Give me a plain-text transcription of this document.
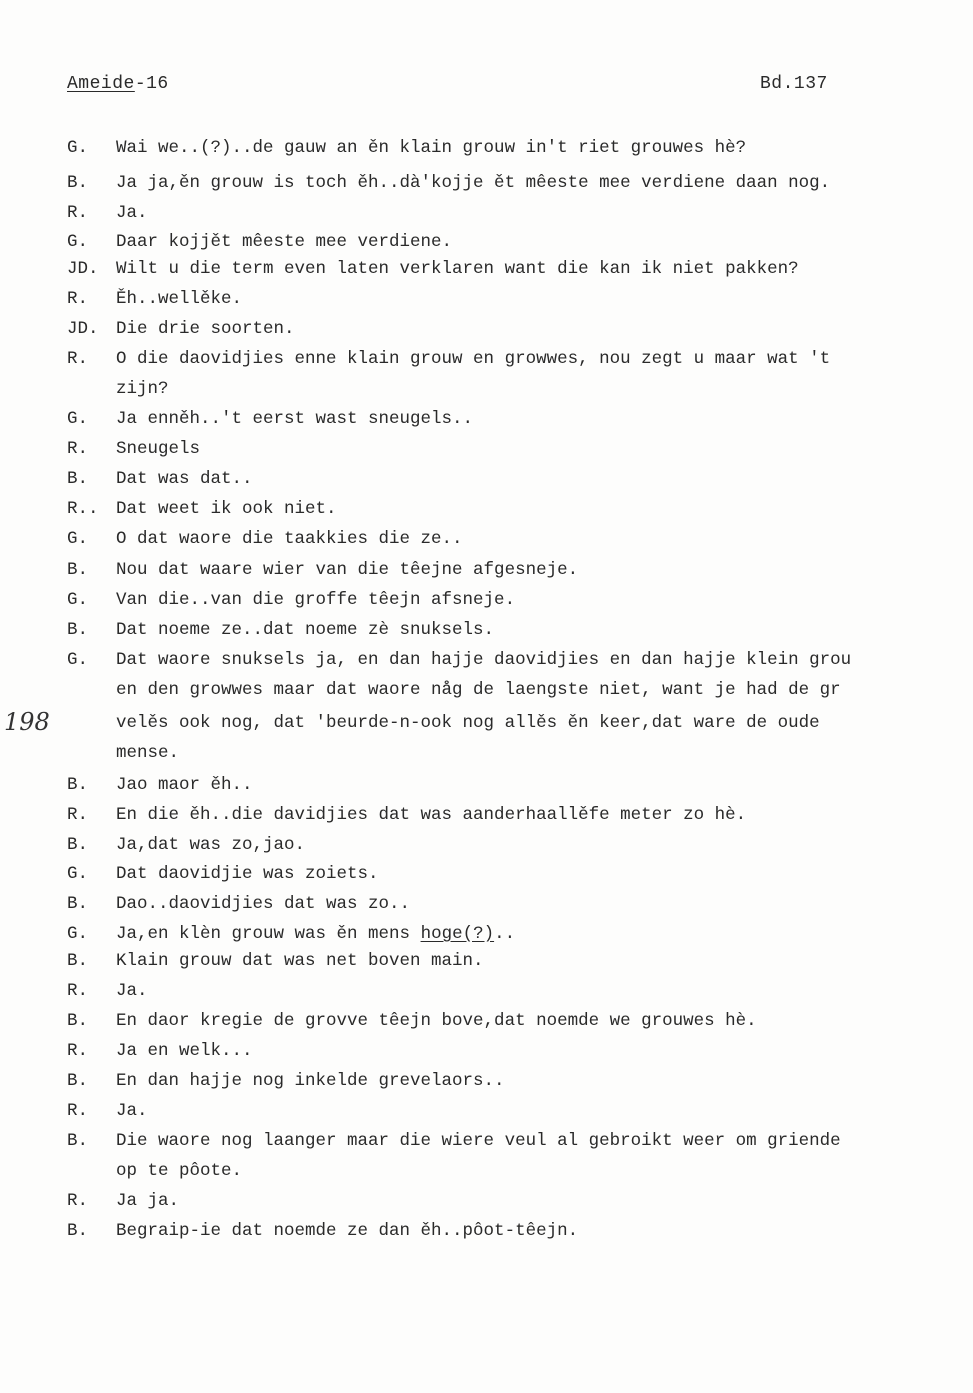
Ameide-16	Bd.137
198
G.	Wai we..(?)..de gauw an ěn klain grouw in't riet grouwes hè?
B.	Ja ja,ěn grouw is toch ěh..dà'kojje ět mêeste mee verdiene daan nog.
R.	Ja.
G.	Daar kojjět mêeste mee verdiene.
JD. Wilt u die term even laten verklaren want die kan ik niet pakken?
R.	Ěh..wellěke.
JD. Die drie soorten.
R.	O die daovidjies enne klain grouw en growwes, nou zegt u maar wat 't
zijn?
G.	Ja enněh..'t eerst wast sneugels..
R.	Sneugels
B.	Dat was dat..
R.. Dat weet ik ook niet.
G.	O dat waore die taakkies die ze..
B.	Nou dat waare wier van die têejne afgesneje.
G.	Van die..van die groffe têejn afsneje.
B.	Dat noeme ze..dat noeme zè snuksels.
G.	Dat waore snuksels ja, en dan hajje daovidjies en dan hajje klein grou
en den growwes maar dat waore någ de laengste niet, want je had de gr
velěs ook nog, dat 'beurde-n-ook nog allěs ěn keer,dat ware de oude
mense.
B.	Jao maor ěh..
R.	En die ěh..die davidjies dat was aanderhaallěfe meter zo hè.
B.	Ja,dat was zo,jao.
G.	Dat daovidjie was zoiets.
B.	Dao..daovidjies dat was zo..
G.	Ja,en klèn grouw was ěn mens hoge(?)..
B.	Klain grouw dat was net boven main.
R.	Ja.
B.	En daor kregie de grovve têejn bove,dat noemde we grouwes hè.
R.	Ja en welk...
B.	En dan hajje nog inkelde grevelaors..
R.	Ja.
B.	Die waore nog laanger maar die wiere veul al gebroikt weer om griende
op te pôote.
R.	Ja ja.
B.	Begraip-ie dat noemde ze dan ěh..pôot-têejn.
